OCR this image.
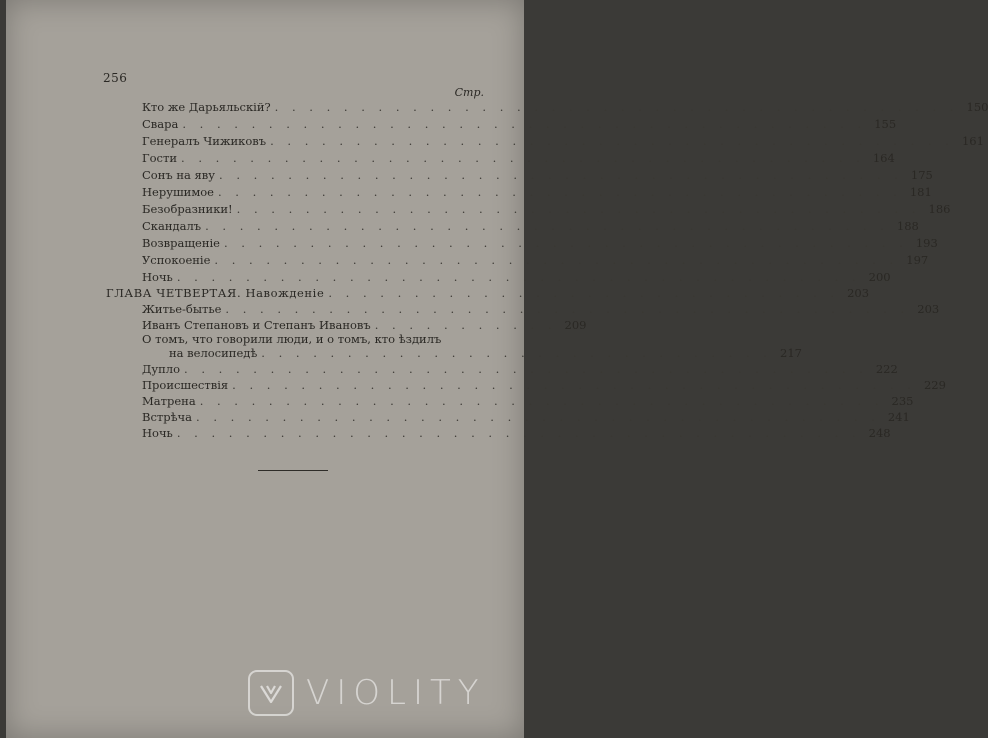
256
Стр.
Кто же Дарьяльскій? . . . . . . . . . . . . . . . . . . . . . . . . . . . . . . . . . . . . . . . . 150
Свара . . . . . . . . . . . . . . . . . . . . . . . . . . . . . . . . . . . . . . . . 155
Генералъ Чижиковъ . . . . . . . . . . . . . . . . . . . . . . . . . . . . . . . . . . . . . . . . 161
Гости . . . . . . . . . . . . . . . . . . . . . . . . . . . . . . . . . . . . . . . . 164
Сонъ на яву . . . . . . . . . . . . . . . . . . . . . . . . . . . . . . . . . . . . . . . . 175
Нерушимое . . . . . . . . . . . . . . . . . . . . . . . . . . . . . . . . . . . . . . . . 181
Безобразники! . . . . . . . . . . . . . . . . . . . . . . . . . . . . . . . . . . . . . . . . 186
Скандалъ . . . . . . . . . . . . . . . . . . . . . . . . . . . . . . . . . . . . . . . . 188
Возвращеніе . . . . . . . . . . . . . . . . . . . . . . . . . . . . . . . . . . . . . . . . 193
Успокоеніе . . . . . . . . . . . . . . . . . . . . . . . . . . . . . . . . . . . . . . . . 197
Ночь . . . . . . . . . . . . . . . . . . . . . . . . . . . . . . . . . . . . . . . . 200
ГЛАВА ЧЕТВЕРТАЯ. Навожденіе . . . . . . . . . . . . . . . . . . . . . . . . . . . . . . 203
Житье-бытье . . . . . . . . . . . . . . . . . . . . . . . . . . . . . . . . . . . . . . . . 203
Иванъ Степановъ и Степанъ Ивановъ . . . . . . . . . . . 209
О томъ, что говорили люди, и о томъ, кто ѣздилъ
на велосипедѣ . . . . . . . . . . . . . . . . . . . . . . . . . . . . . . 217
Дупло . . . . . . . . . . . . . . . . . . . . . . . . . . . . . . . . . . . . . . . . 222
Происшествія . . . . . . . . . . . . . . . . . . . . . . . . . . . . . . . . . . . . . . . . 229
Матрена . . . . . . . . . . . . . . . . . . . . . . . . . . . . . . . . . . . . . . . . 235
Встрѣча . . . . . . . . . . . . . . . . . . . . . . . . . . . . . . . . . . . . . . . . 241
Ночь . . . . . . . . . . . . . . . . . . . . . . . . . . . . . . . . . . . . . . . . 248
VIOLITY
